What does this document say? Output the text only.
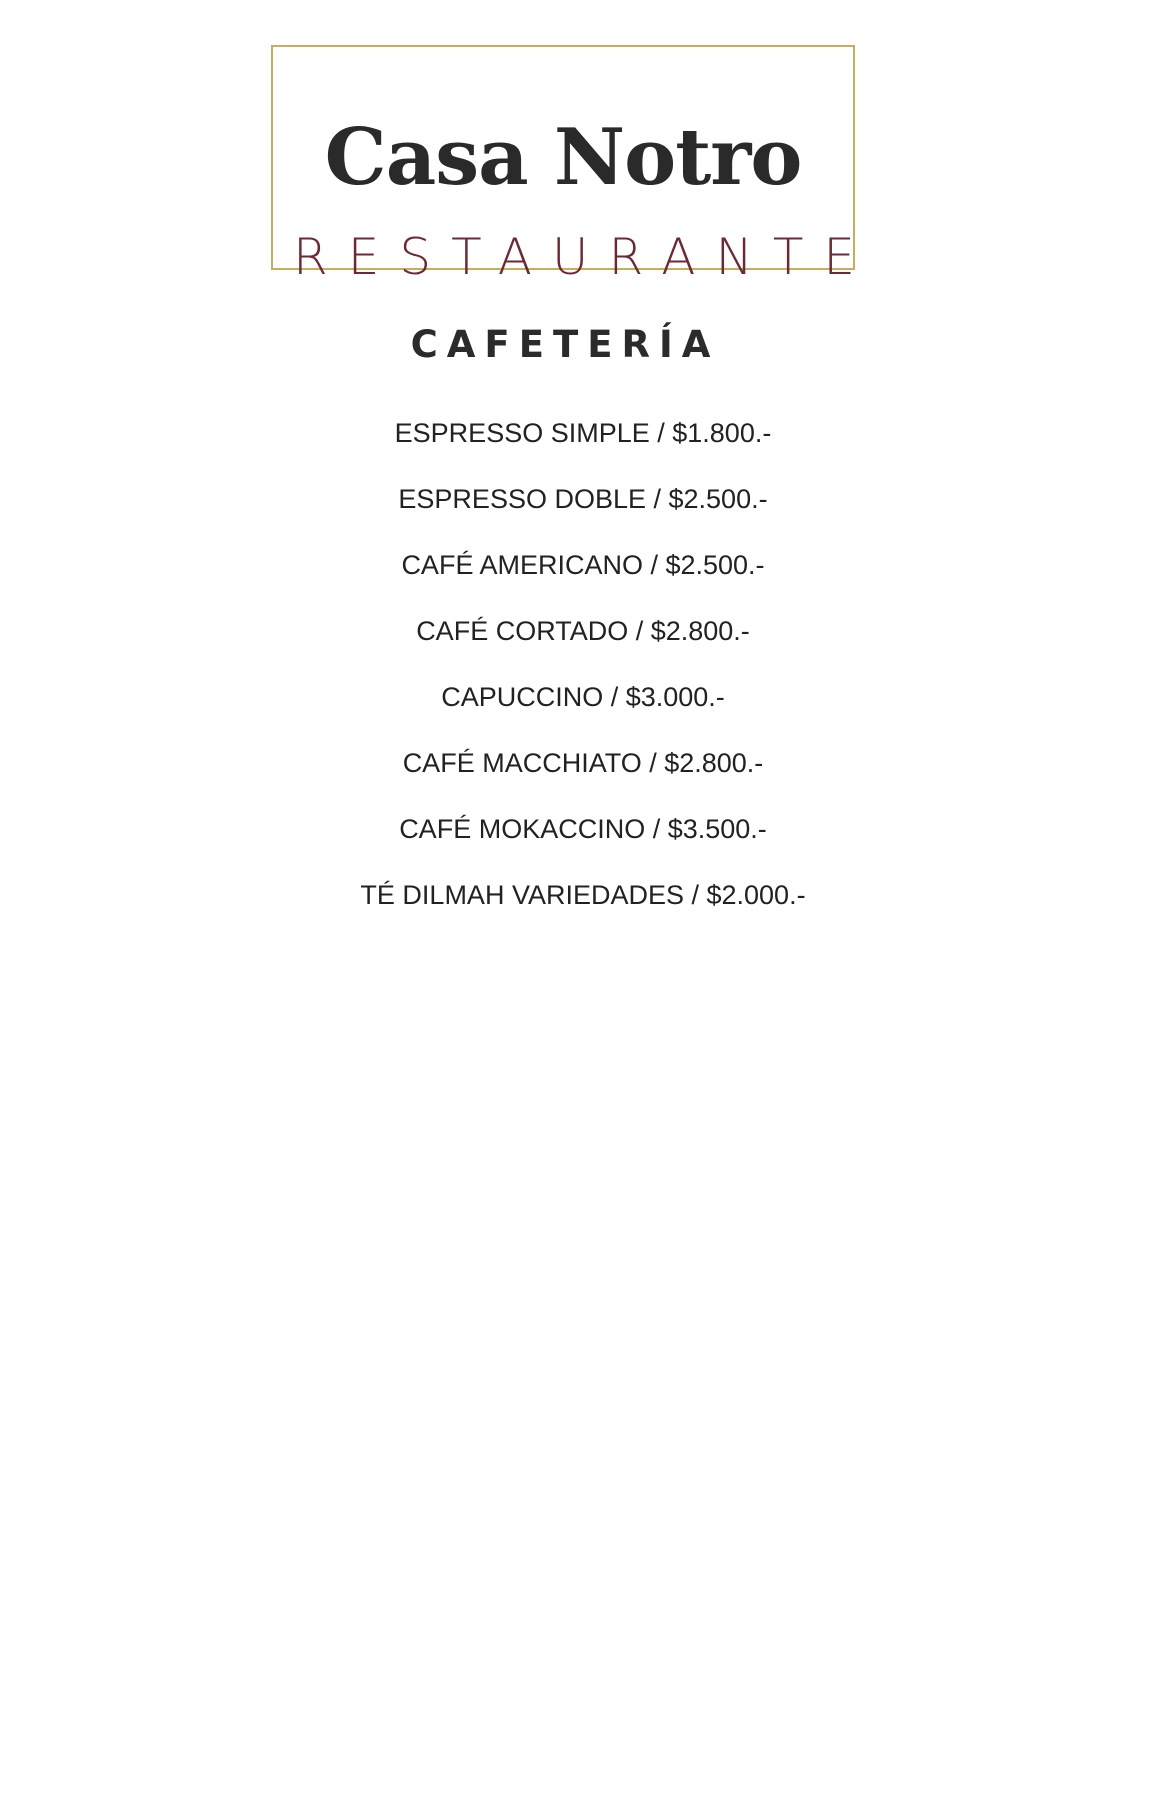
Casa Notro
RESTAURANTE
CAFETERÍA
ESPRESSO SIMPLE / $1.800.-
ESPRESSO DOBLE / $2.500.-
CAFÉ AMERICANO / $2.500.-
CAFÉ CORTADO / $2.800.-
CAPUCCINO / $3.000.-
CAFÉ MACCHIATO / $2.800.-
CAFÉ MOKACCINO / $3.500.-
TÉ DILMAH VARIEDADES / $2.000.-
